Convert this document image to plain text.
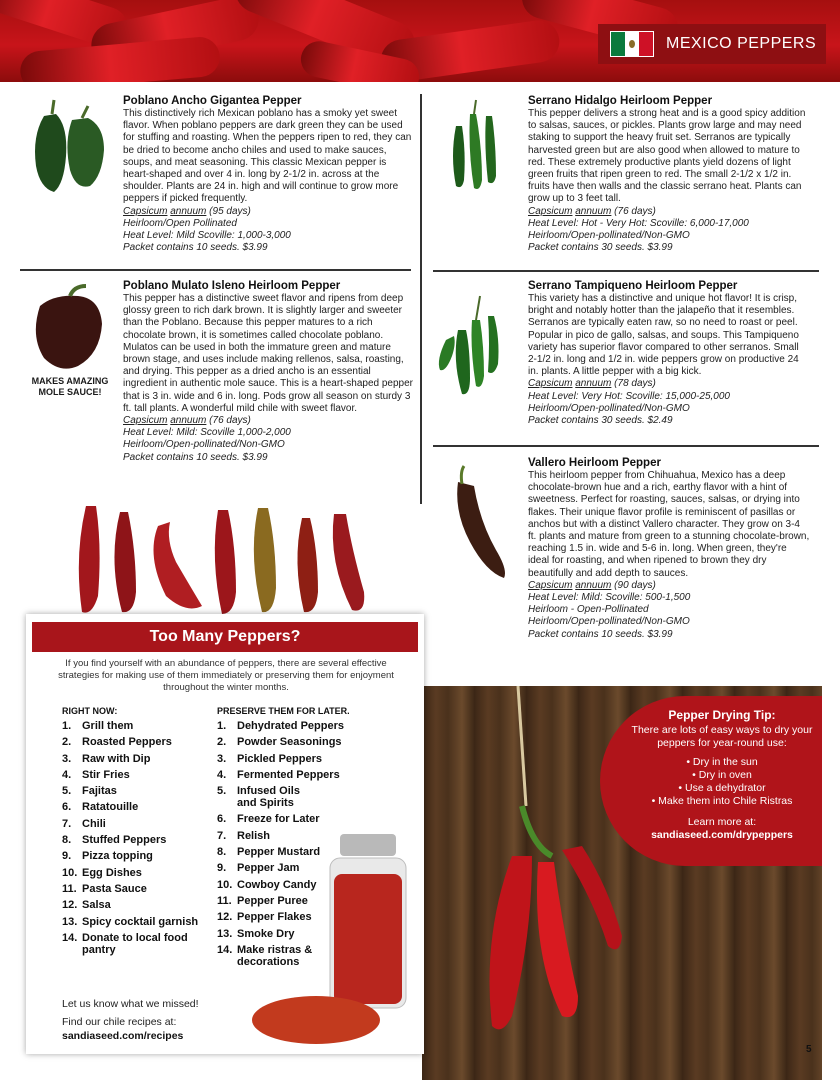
MEXICO PEPPERS
MAKES AMAZING MOLE SAUCE!
Poblano Ancho Gigantea Pepper

This distinctively rich Mexican poblano has a smoky yet sweet flavor. When poblano peppers are dark green they can be used for stuffing and roasting. When the peppers ripen to red, they can be dried to become ancho chiles and used to make sauces, soups, and meat seasoning. This classic Mexican pepper is heart-shaped and over 4 in. long by 2-1/2 in. across at the shoulder. Plants are 24 in. high and will continue to grow more peppers if picked frequently.

Capsicum annuum (95 days)

Heirloom/Open Pollinated

Heat Level: Mild Scoville: 1,000-3,000

Packet contains 10 seeds. $3.99

Poblano Mulato Isleno Heirloom Pepper

This pepper has a distinctive sweet flavor and ripens from deep glossy green to rich dark brown. It is slightly larger and sweeter than the Poblano. Because this pepper matures to a rich chocolate brown, it is sometimes called chocolate poblano. Mulatos can be used in both the immature green and mature brown stage, and uses include making rellenos, salsa, roasting, and drying. This pepper as a dried ancho is an essential ingredient in authentic mole sauce. This is a heart-shaped pepper that is 3 in. wide and 6 in. long. Pods grow all season on sturdy 3 ft. tall plants. A wonderful mild chile with sweet flavor.

Capsicum annuum (76 days)

Heat Level: Mild: Scoville 1,000-2,000

Heirloom/Open-pollinated/Non-GMO

Packet contains 10 seeds. $3.99

Serrano Hidalgo Heirloom Pepper

This pepper delivers a strong heat and is a good spicy addition to salsas, sauces, or pickles. Plants grow large and may need staking to support the heavy fruit set. Serranos are typically harvested green but are also good when allowed to mature to red. These extremely productive plants yield dozens of light green fruits that ripen green to red. The small 2-1/2 x 1/2 in. fruits have then walls and the classic serrano heat. Plants can grow up to 3 feet tall.

Capsicum annuum (76 days)

Heat Level: Hot - Very Hot: Scoville: 6,000-17,000

Heirloom/Open-pollinated/Non-GMO

Packet contains 30 seeds. $3.99

Serrano Tampiqueno Heirloom Pepper

This variety has a distinctive and unique hot flavor! It is crisp, bright and notably hotter than the jalapeño that it resembles. Serranos are typically eaten raw, so no need to roast or peel. Popular in pico de gallo, salsas, and soups. This Tampiqueno variety has superior flavor compared to other serranos. Small 2-1/2 in. long and 1/2 in. wide peppers grow on productive 24 in. plants. A little pepper with a big kick.

Capsicum annuum (78 days)

Heat Level: Very Hot: Scoville: 15,000-25,000

Heirloom/Open-pollinated/Non-GMO

Packet contains 30 seeds. $2.49

Vallero Heirloom Pepper

This heirloom pepper from Chihuahua, Mexico has a deep chocolate-brown hue and a rich, earthy flavor with a hint of sweetness. Perfect for roasting, sauces, salsas, or drying into flakes. Their unique flavor profile is reminiscent of pasillas or anchos but with a distinct Vallero character. They grow on 3-4 ft. plants and mature from green to a stunning chocolate-brown, reaching 1.5 in. wide and 5-6 in. long. When green, they're ideal for roasting, and when ripened to brown they dry beautifully and add depth to sauces.

Capsicum annuum (90 days)

Heat Level: Mild: Scoville: 500-1,500

Heirloom - Open-Pollinated

Heirloom/Open-pollinated/Non-GMO

Packet contains 10 seeds. $3.99

Pepper Drying Tip:
There are lots of easy ways to dry your peppers for year-round use:
• Dry in the sun
• Dry in oven
• Use a dehydrator
• Make them into Chile Ristras
Learn more at:
sandiaseed.com/drypeppers
Too Many Peppers?
If you find yourself with an abundance of peppers, there are several effective strategies for making use of them immediately or preserving them for enjoyment throughout the winter months.
RIGHT NOW:
1. Grill them
2. Roasted Peppers
3. Raw with Dip
4. Stir Fries
5. Fajitas
6. Ratatouille
7. Chili
8. Stuffed Peppers
9. Pizza topping
10. Egg Dishes
11. Pasta Sauce
12. Salsa
13. Spicy cocktail garnish
14. Donate to local food pantry
PRESERVE THEM FOR LATER.
1. Dehydrated Peppers
2. Powder Seasonings
3. Pickled Peppers
4. Fermented Peppers
5. Infused Oils and Spirits
6. Freeze for Later
7. Relish
8. Pepper Mustard
9. Pepper Jam
10. Cowboy Candy
11. Pepper Puree
12. Pepper Flakes
13. Smoke Dry
14. Make ristras & decorations
Let us know what we missed!
Find our chile recipes at:
sandiaseed.com/recipes
5
